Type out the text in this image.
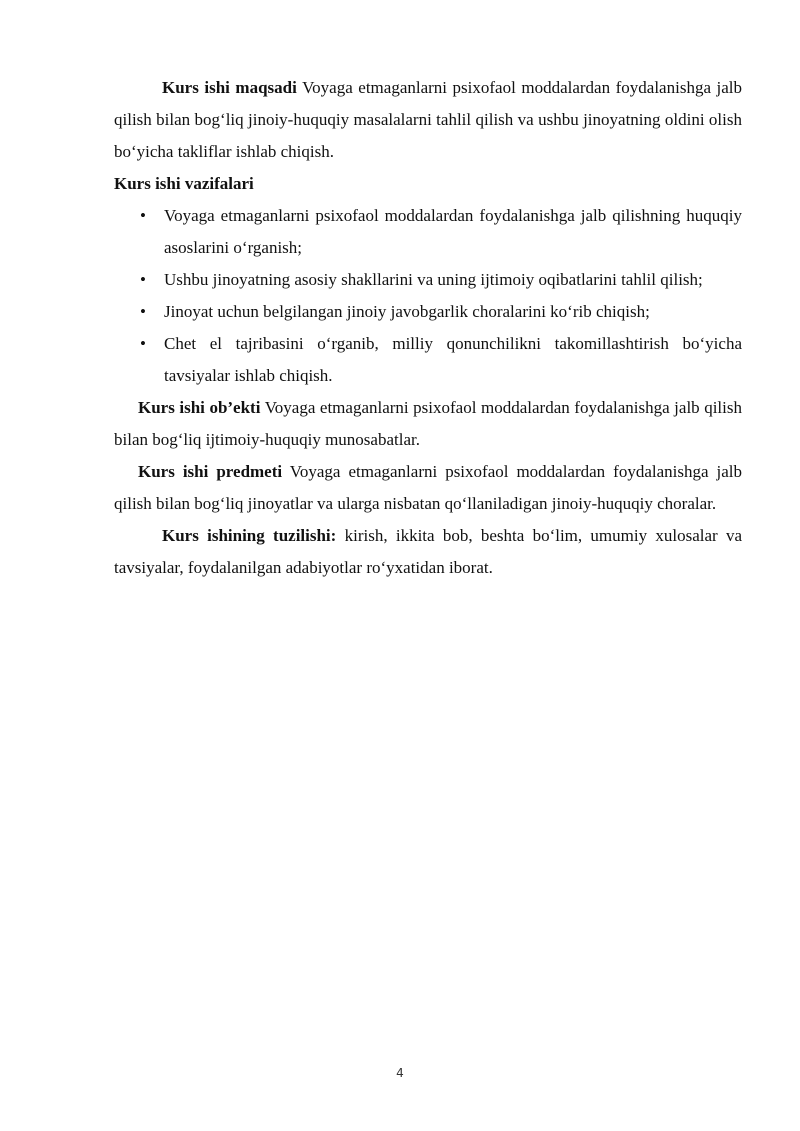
Kurs ishi maqsadi Voyaga etmaganlarni psixofaol moddalardan foydalanishga jalb qilish bilan bog‘liq jinoiy-huquqiy masalalarni tahlil qilish va ushbu jinoyatning oldini olish bo‘yicha takliflar ishlab chiqish.

Kurs ishi vazifalari

• Voyaga etmaganlarni psixofaol moddalardan foydalanishga jalb qilishning huquqiy asoslarini o‘rganish;
• Ushbu jinoyatning asosiy shakllarini va uning ijtimoiy oqibatlarini tahlil qilish;
• Jinoyat uchun belgilangan jinoiy javobgarlik choralarini ko‘rib chiqish;
• Chet el tajribasini o‘rganib, milliy qonunchilikni takomillashtirish bo‘yicha tavsiyalar ishlab chiqish.

Kurs ishi ob’ekti Voyaga etmaganlarni psixofaol moddalardan foydalanishga jalb qilish bilan bog‘liq ijtimoiy-huquqiy munosabatlar.

Kurs ishi predmeti Voyaga etmaganlarni psixofaol moddalardan foydalanishga jalb qilish bilan bog‘liq jinoyatlar va ularga nisbatan qo‘llaniladigan jinoiy-huquqiy choralar.

Kurs ishining tuzilishi: kirish, ikkita bob, beshta bo‘lim, umumiy xulosalar va tavsiyalar, foydalanilgan adabiyotlar ro‘yxatidan iborat.

4
